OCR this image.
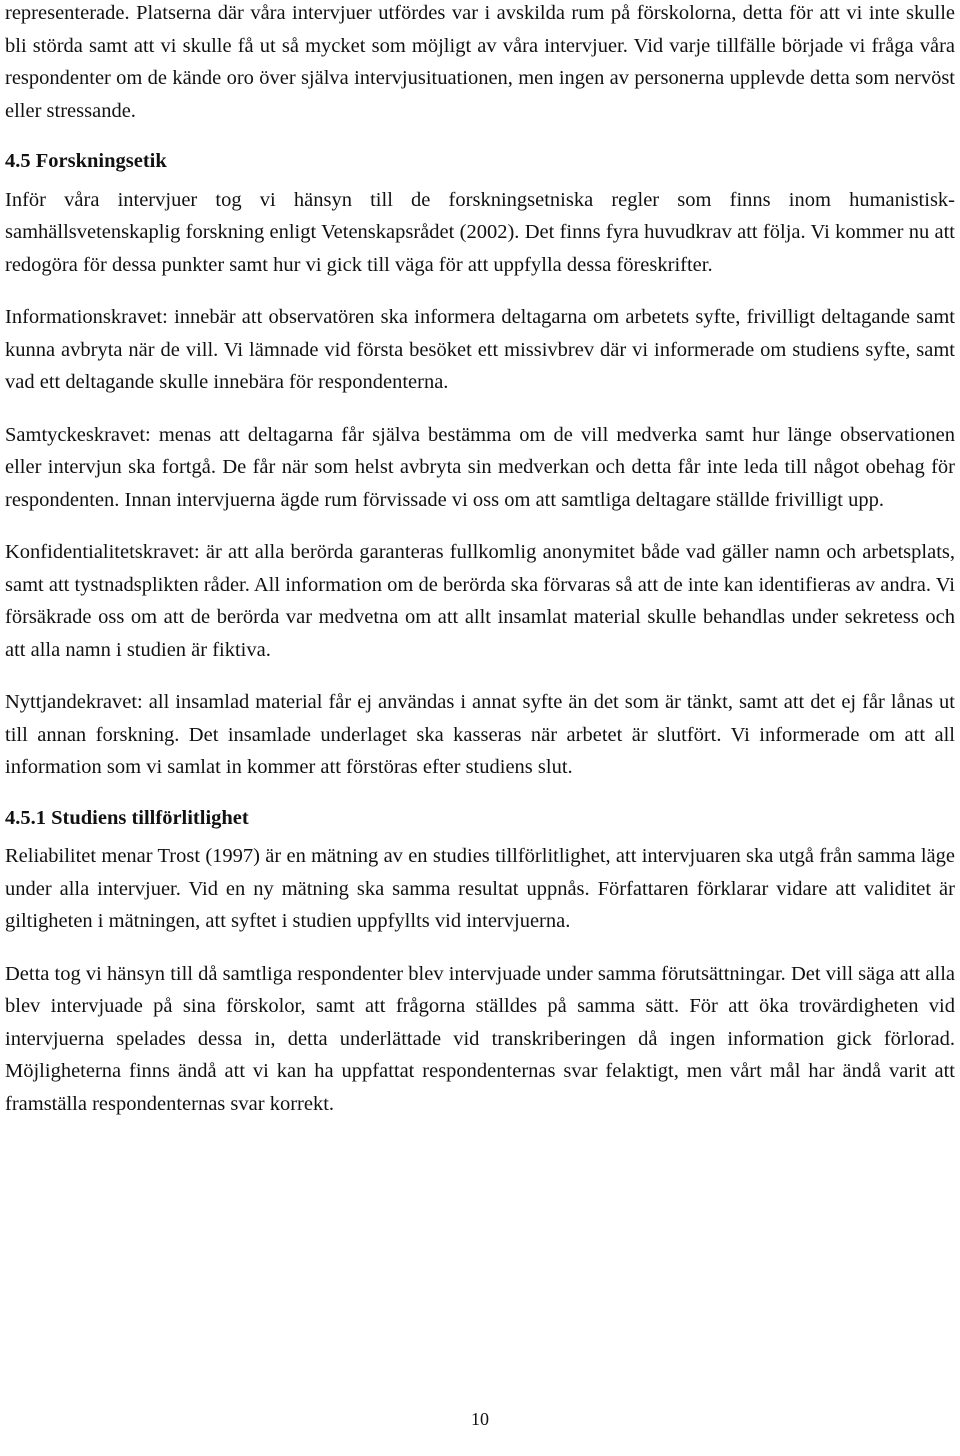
representerade. Platserna där våra intervjuer utfördes var i avskilda rum på förskolorna, detta för att vi inte skulle bli störda samt att vi skulle få ut så mycket som möjligt av våra intervjuer. Vid varje tillfälle började vi fråga våra respondenter om de kände oro över själva intervjusituationen, men ingen av personerna upplevde detta som nervöst eller stressande.

4.5 Forskningsetik

Inför våra intervjuer tog vi hänsyn till de forskningsetniska regler som finns inom humanistisk-samhällsvetenskaplig forskning enligt Vetenskapsrådet (2002). Det finns fyra huvudkrav att följa. Vi kommer nu att redogöra för dessa punkter samt hur vi gick till väga för att uppfylla dessa föreskrifter.

Informationskravet: innebär att observatören ska informera deltagarna om arbetets syfte, frivilligt deltagande samt kunna avbryta när de vill. Vi lämnade vid första besöket ett missivbrev där vi informerade om studiens syfte, samt vad ett deltagande skulle innebära för respondenterna.

Samtyckeskravet: menas att deltagarna får själva bestämma om de vill medverka samt hur länge observationen eller intervjun ska fortgå. De får när som helst avbryta sin medverkan och detta får inte leda till något obehag för respondenten. Innan intervjuerna ägde rum förvissade vi oss om att samtliga deltagare ställde frivilligt upp.

Konfidentialitetskravet: är att alla berörda garanteras fullkomlig anonymitet både vad gäller namn och arbetsplats, samt att tystnadsplikten råder. All information om de berörda ska förvaras så att de inte kan identifieras av andra. Vi försäkrade oss om att de berörda var medvetna om att allt insamlat material skulle behandlas under sekretess och att alla namn i studien är fiktiva.

Nyttjandekravet: all insamlad material får ej användas i annat syfte än det som är tänkt, samt att det ej får lånas ut till annan forskning. Det insamlade underlaget ska kasseras när arbetet är slutfört. Vi informerade om att all information som vi samlat in kommer att förstöras efter studiens slut.

4.5.1 Studiens tillförlitlighet

Reliabilitet menar Trost (1997) är en mätning av en studies tillförlitlighet, att intervjuaren ska utgå från samma läge under alla intervjuer. Vid en ny mätning ska samma resultat uppnås. Författaren förklarar vidare att validitet är giltigheten i mätningen, att syftet i studien uppfyllts vid intervjuerna.

Detta tog vi hänsyn till då samtliga respondenter blev intervjuade under samma förutsättningar. Det vill säga att alla blev intervjuade på sina förskolor, samt att frågorna ställdes på samma sätt. För att öka trovärdigheten vid intervjuerna spelades dessa in, detta underlättade vid transkriberingen då ingen information gick förlorad. Möjligheterna finns ändå att vi kan ha uppfattat respondenternas svar felaktigt, men vårt mål har ändå varit att framställa respondenternas svar korrekt.

10
